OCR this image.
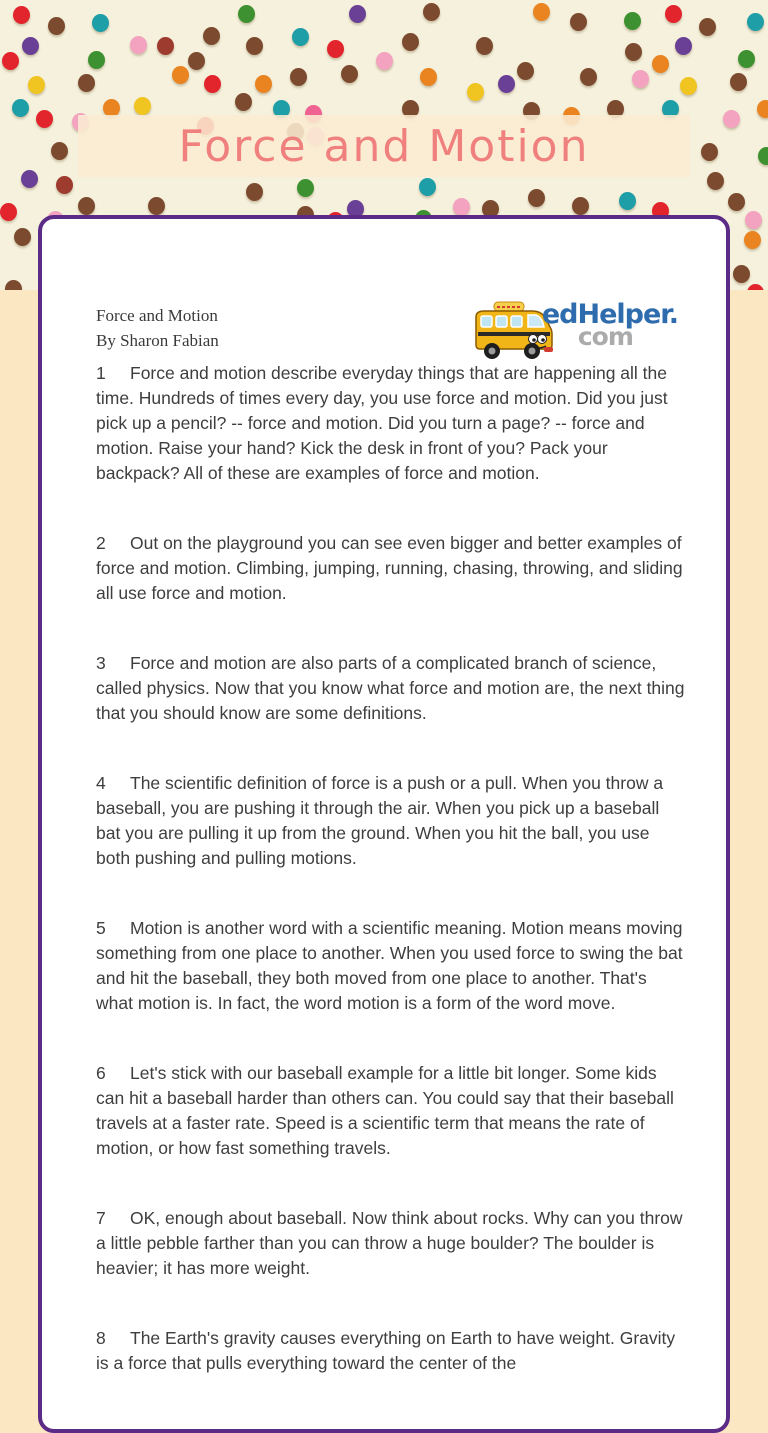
Force and Motion
Force and Motion
By Sharon Fabian
edHelper.
com

1 Force and motion describe everyday things that are happening all the time. Hundreds of times every day, you use force and motion. Did you just pick up a pencil? -- force and motion. Did you turn a page? -- force and motion. Raise your hand? Kick the desk in front of you? Pack your backpack? All of these are examples of force and motion.

2 Out on the playground you can see even bigger and better examples of force and motion. Climbing, jumping, running, chasing, throwing, and sliding all use force and motion.

3 Force and motion are also parts of a complicated branch of science, called physics. Now that you know what force and motion are, the next thing that you should know are some definitions.

4 The scientific definition of force is a push or a pull. When you throw a baseball, you are pushing it through the air. When you pick up a baseball bat you are pulling it up from the ground. When you hit the ball, you use both pushing and pulling motions.

5 Motion is another word with a scientific meaning. Motion means moving something from one place to another. When you used force to swing the bat and hit the baseball, they both moved from one place to another. That's what motion is. In fact, the word motion is a form of the word move.

6 Let's stick with our baseball example for a little bit longer. Some kids can hit a baseball harder than others can. You could say that their baseball travels at a faster rate. Speed is a scientific term that means the rate of motion, or how fast something travels.

7 OK, enough about baseball. Now think about rocks. Why can you throw a little pebble farther than you can throw a huge boulder? The boulder is heavier; it has more weight.

8 The Earth's gravity causes everything on Earth to have weight. Gravity is a force that pulls everything toward the center of the
